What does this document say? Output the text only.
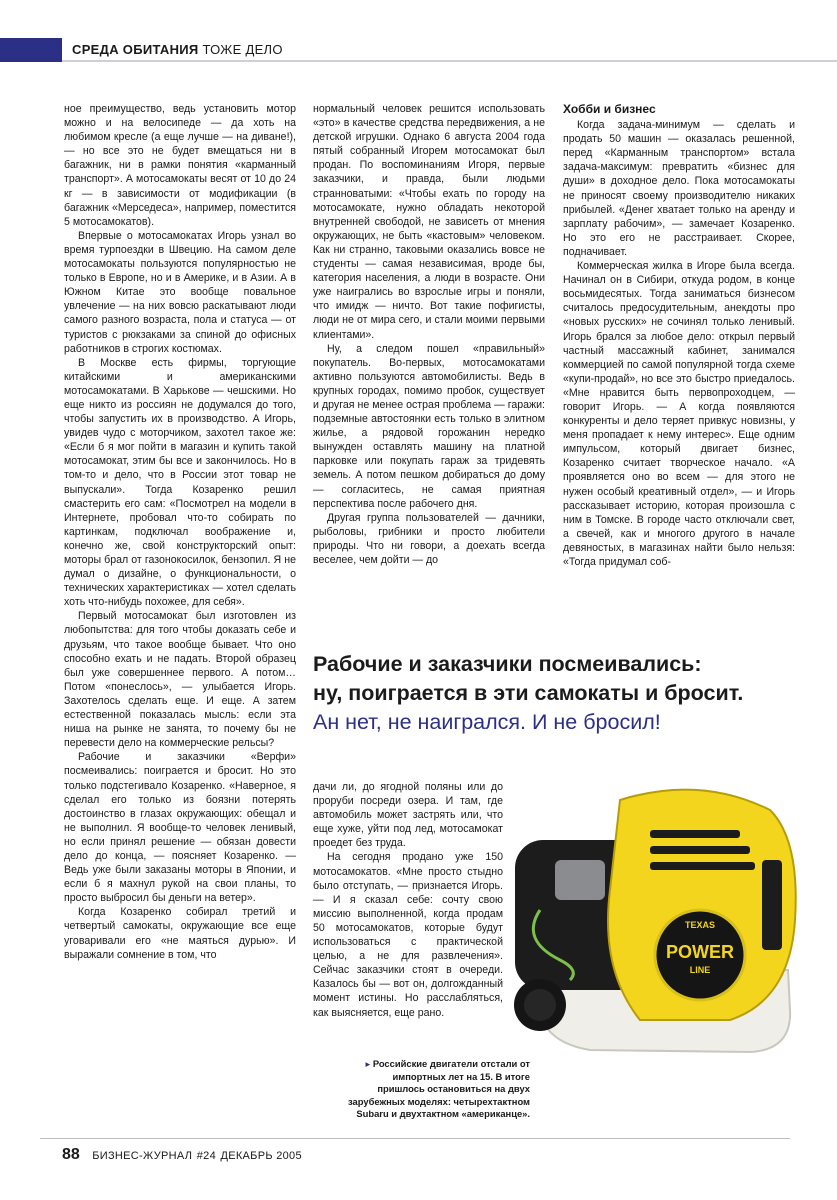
СРЕДА ОБИТАНИЯ ТОЖЕ ДЕЛО

ное преимущество, ведь установить мотор можно и на велосипеде — да хоть на любимом кресле (а еще лучше — на диване!), — но все это не будет вмещаться ни в багажник, ни в рамки понятия «карманный транспорт». А мотосамокаты весят от 10 до 24 кг — в зависимости от модификации (в багажник «Мерседеса», например, поместится 5 мотосамокатов).

Впервые о мотосамокатах Игорь узнал во время турпоездки в Швецию. На самом деле мотосамокаты пользуются популярностью не только в Европе, но и в Америке, и в Азии. А в Южном Китае это вообще повальное увлечение — на них вовсю раскатывают люди самого разного возраста, пола и статуса — от туристов с рюкзаками за спиной до офисных работников в строгих костюмах.

В Москве есть фирмы, торгующие китайскими и американскими мотосамокатами. В Харькове — чешскими. Но еще никто из россиян не додумался до того, чтобы запустить их в производство. А Игорь, увидев чудо с моторчиком, захотел такое же: «Если б я мог пойти в магазин и купить такой мотосамокат, этим бы все и закончилось. Но в том-то и дело, что в России этот товар не выпускали». Тогда Козаренко решил смастерить его сам: «Посмотрел на модели в Интернете, пробовал что-то собирать по картинкам, подключал воображение и, конечно же, свой конструкторский опыт: моторы брал от газонокосилок, бензопил. Я не думал о дизайне, о функциональности, о технических характеристиках — хотел сделать хоть что-нибудь похожее, для себя».

Первый мотосамокат был изготовлен из любопытства: для того чтобы доказать себе и друзьям, что такое вообще бывает. Что оно способно ехать и не падать. Второй образец был уже совершеннее первого. А потом… Потом «понеслось», — улыбается Игорь. Захотелось сделать еще. И еще. А затем естественной показалась мысль: если эта ниша на рынке не занята, то почему бы не перевести дело на коммерческие рельсы?

Рабочие и заказчики «Верфи» посмеивались: поиграется и бросит. Но это только подстегивало Козаренко. «Наверное, я сделал его только из боязни потерять достоинство в глазах окружающих: обещал и не выполнил. Я вообще-то человек ленивый, но если принял решение — обязан довести дело до конца, — поясняет Козаренко. — Ведь уже были заказаны моторы в Японии, и если б я махнул рукой на свои планы, то просто выбросил бы деньги на ветер».

Когда Козаренко собирал третий и четвертый самокаты, окружающие все еще уговаривали его «не маяться дурью». И выражали сомнение в том, что

нормальный человек решится использовать «это» в качестве средства передвижения, а не детской игрушки. Однако 6 августа 2004 года пятый собранный Игорем мотосамокат был продан. По воспоминаниям Игоря, первые заказчики, и правда, были людьми странноватыми: «Чтобы ехать по городу на мотосамокате, нужно обладать некоторой внутренней свободой, не зависеть от мнения окружающих, не быть «кастовым» человеком. Как ни странно, таковыми оказались вовсе не студенты — самая независимая, вроде бы, категория населения, а люди в возрасте. Они уже наигрались во взрослые игры и поняли, что имидж — ничто. Вот такие пофигисты, люди не от мира сего, и стали моими первыми клиентами».

Ну, а следом пошел «правильный» покупатель. Во-первых, мотосамокатами активно пользуются автомобилисты. Ведь в крупных городах, помимо пробок, существует и другая не менее острая проблема — гаражи: подземные автостоянки есть только в элитном жилье, а рядовой горожанин нередко вынужден оставлять машину на платной парковке или покупать гараж за тридевять земель. А потом пешком добираться до дому — согласитесь, не самая приятная перспектива после рабочего дня.

Другая группа пользователей — дачники, рыболовы, грибники и просто любители природы. Что ни говори, а доехать всегда веселее, чем дойти — до

Хобби и бизнес

Когда задача-минимум — сделать и продать 50 машин — оказалась решенной, перед «Карманным транспортом» встала задача-максимум: превратить «бизнес для души» в доходное дело. Пока мотосамокаты не приносят своему производителю никаких прибылей. «Денег хватает только на аренду и зарплату рабочим», — замечает Козаренко. Но это его не расстраивает. Скорее, подначивает.

Коммерческая жилка в Игоре была всегда. Начинал он в Сибири, откуда родом, в конце восьмидесятых. Тогда заниматься бизнесом считалось предосудительным, анекдоты про «новых русских» не сочинял только ленивый. Игорь брался за любое дело: открыл первый частный массажный кабинет, занимался коммерцией по самой популярной тогда схеме «купи-продай», но все это быстро приедалось. «Мне нравится быть первопроходцем, — говорит Игорь. — А когда появляются конкуренты и дело теряет привкус новизны, у меня пропадает к нему интерес». Еще одним импульсом, который двигает бизнес, Козаренко считает творческое начало. «А проявляется оно во всем — для этого не нужен особый креативный отдел», — и Игорь рассказывает историю, которая произошла с ним в Томске. В городе часто отключали свет, а свечей, как и многого другого в начале девяностых, в магазинах найти было нельзя: «Тогда придумал соб-

Рабочие и заказчики посмеивались:
ну, поиграется в эти самокаты и бросит.
Ан нет, не наигрался. И не бросил!

дачи ли, до ягодной поляны или до проруби посреди озера. И там, где автомобиль может застрять или, что еще хуже, уйти под лед, мотосамокат проедет без труда.

На сегодня продано уже 150 мотосамокатов. «Мне просто стыдно было отступать, — признается Игорь. — И я сказал себе: сочту свою миссию выполненной, когда продам 50 мотосамокатов, которые будут использоваться с практической целью, а не для развлечения». Сейчас заказчики стоят в очереди. Казалось бы — вот он, долгожданный момент истины. Но расслабляться, как выясняется, еще рано.

TEXAS
POWER
LINE
▸ Российские двигатели отстали от импортных лет на 15. В итоге пришлось остановиться на двух зарубежных моделях: четырехтактном Subaru и двухтактном «американце».
88 БИЗНЕС-ЖУРНАЛ #24 ДЕКАБРЬ 2005
